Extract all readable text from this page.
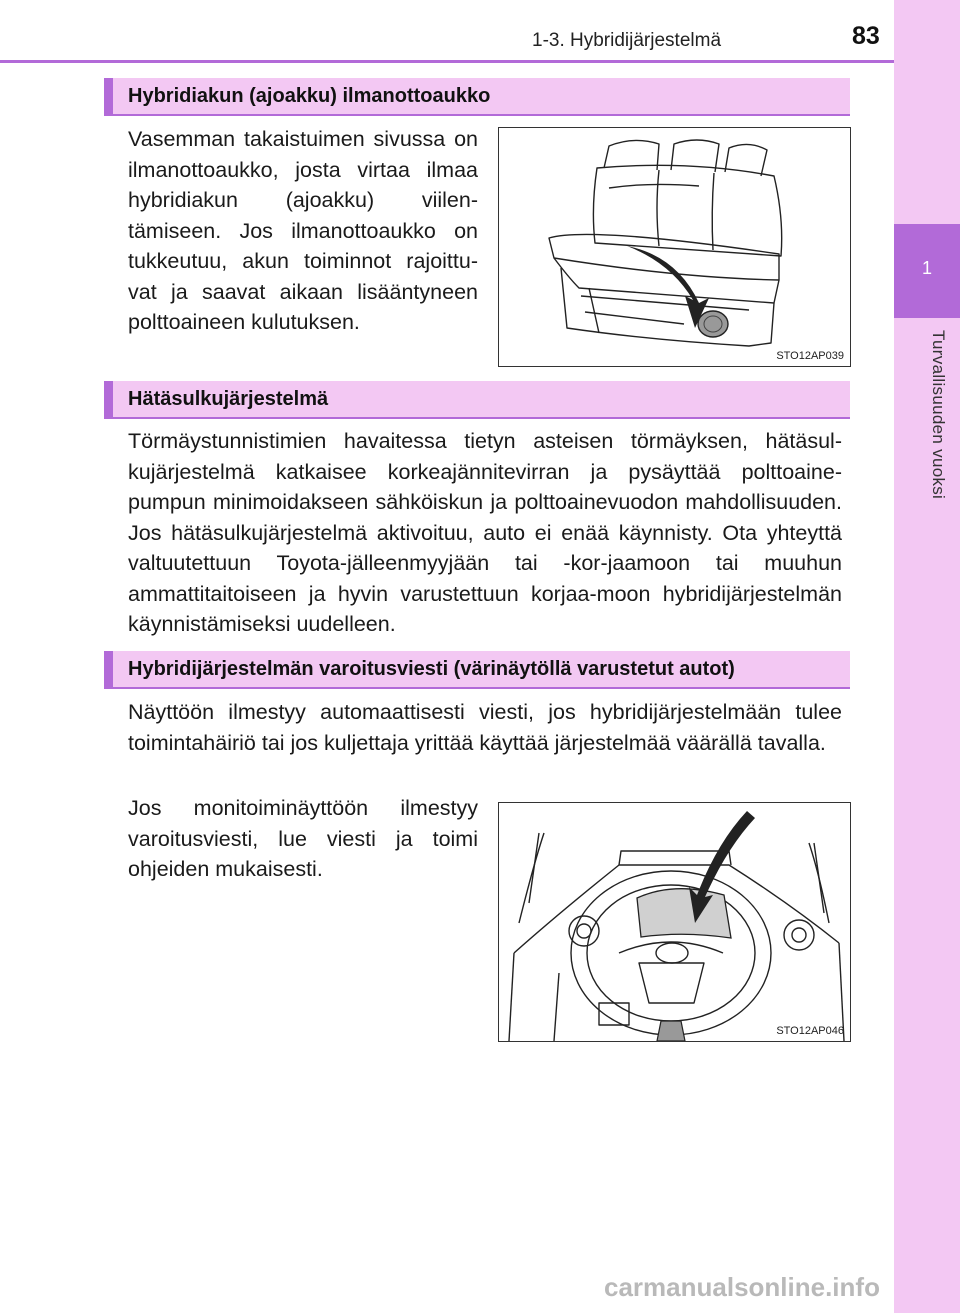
1-3. Hybridijärjestelmä	83
1
Turvallisuuden vuoksi
Hybridiakun (ajoakku) ilmanottoaukko
Vasemman takaistuimen sivussa on ilmanottoaukko, josta virtaa ilmaa hybridiakun (ajoakku) viilen-tämiseen. Jos ilmanottoaukko on tukkeutuu, akun toiminnot rajoittu-vat ja saavat aikaan lisääntyneen polttoaineen kulutuksen.
STO12AP039
Hätäsulkujärjestelmä
Törmäystunnistimien havaitessa tietyn asteisen törmäyksen, hätäsul-kujärjestelmä katkaisee korkeajännitevirran ja pysäyttää polttoaine-pumpun minimoidakseen sähköiskun ja polttoainevuodon mahdollisuuden. Jos hätäsulkujärjestelmä aktivoituu, auto ei enää käynnisty. Ota yhteyttä valtuutettuun Toyota-jälleenmyyjään tai -kor-jaamoon tai muuhun ammattitaitoiseen ja hyvin varustettuun korjaa-moon hybridijärjestelmän käynnistämiseksi uudelleen.
Hybridijärjestelmän varoitusviesti (värinäytöllä varustetut autot)
Näyttöön ilmestyy automaattisesti viesti, jos hybridijärjestelmään tulee toimintahäiriö tai jos kuljettaja yrittää käyttää järjestelmää väärällä tavalla.
Jos monitoiminäyttöön ilmestyy varoitusviesti, lue viesti ja toimi ohjeiden mukaisesti.
STO12AP046
carmanualsonline.info
